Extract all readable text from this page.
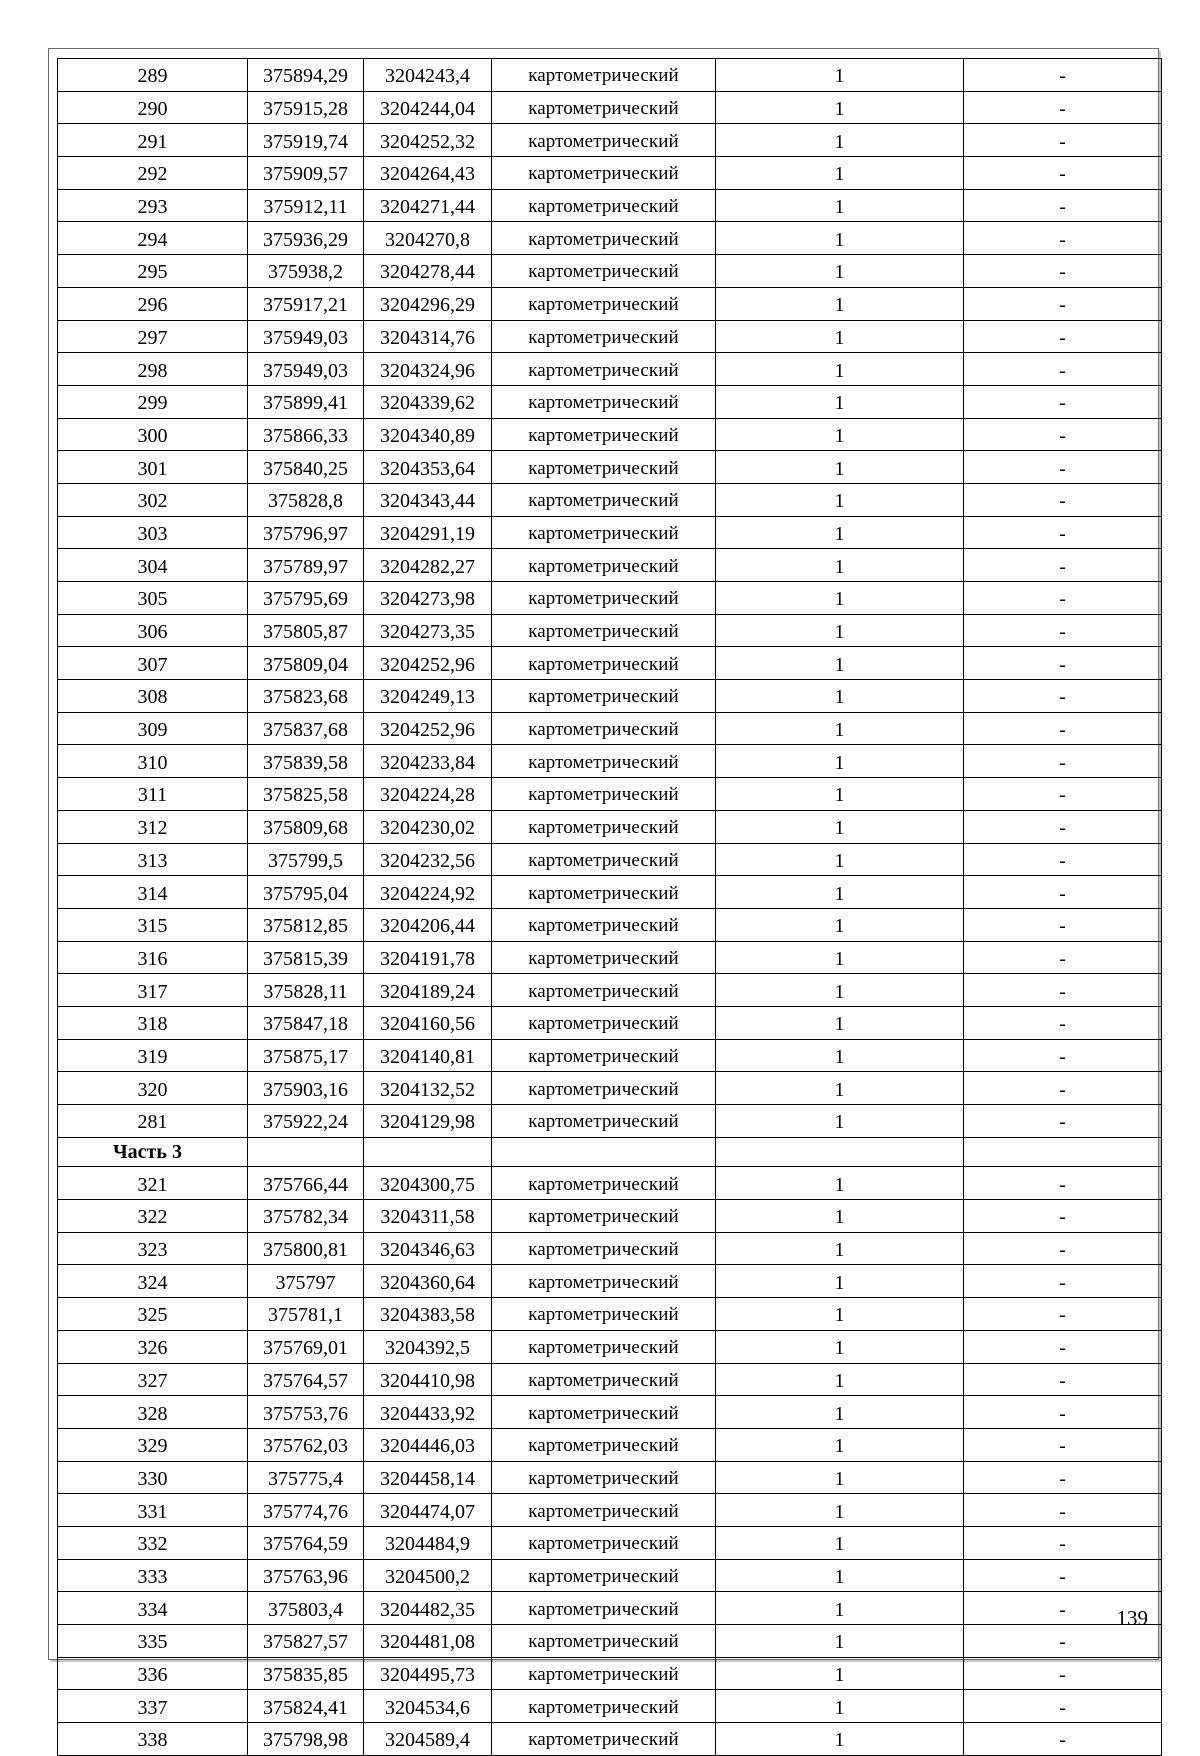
289	375894,29	3204243,4	картометрический	1	-
290	375915,28	3204244,04	картометрический	1	-
291	375919,74	3204252,32	картометрический	1	-
292	375909,57	3204264,43	картометрический	1	-
293	375912,11	3204271,44	картометрический	1	-
294	375936,29	3204270,8	картометрический	1	-
295	375938,2	3204278,44	картометрический	1	-
296	375917,21	3204296,29	картометрический	1	-
297	375949,03	3204314,76	картометрический	1	-
298	375949,03	3204324,96	картометрический	1	-
299	375899,41	3204339,62	картометрический	1	-
300	375866,33	3204340,89	картометрический	1	-
301	375840,25	3204353,64	картометрический	1	-
302	375828,8	3204343,44	картометрический	1	-
303	375796,97	3204291,19	картометрический	1	-
304	375789,97	3204282,27	картометрический	1	-
305	375795,69	3204273,98	картометрический	1	-
306	375805,87	3204273,35	картометрический	1	-
307	375809,04	3204252,96	картометрический	1	-
308	375823,68	3204249,13	картометрический	1	-
309	375837,68	3204252,96	картометрический	1	-
310	375839,58	3204233,84	картометрический	1	-
311	375825,58	3204224,28	картометрический	1	-
312	375809,68	3204230,02	картометрический	1	-
313	375799,5	3204232,56	картометрический	1	-
314	375795,04	3204224,92	картометрический	1	-
315	375812,85	3204206,44	картометрический	1	-
316	375815,39	3204191,78	картометрический	1	-
317	375828,11	3204189,24	картометрический	1	-
318	375847,18	3204160,56	картометрический	1	-
319	375875,17	3204140,81	картометрический	1	-
320	375903,16	3204132,52	картометрический	1	-
281	375922,24	3204129,98	картометрический	1	-
Часть 3					
321	375766,44	3204300,75	картометрический	1	-
322	375782,34	3204311,58	картометрический	1	-
323	375800,81	3204346,63	картометрический	1	-
324	375797	3204360,64	картометрический	1	-
325	375781,1	3204383,58	картометрический	1	-
326	375769,01	3204392,5	картометрический	1	-
327	375764,57	3204410,98	картометрический	1	-
328	375753,76	3204433,92	картометрический	1	-
329	375762,03	3204446,03	картометрический	1	-
330	375775,4	3204458,14	картометрический	1	-
331	375774,76	3204474,07	картометрический	1	-
332	375764,59	3204484,9	картометрический	1	-
333	375763,96	3204500,2	картометрический	1	-
334	375803,4	3204482,35	картометрический	1	-
335	375827,57	3204481,08	картометрический	1	-
336	375835,85	3204495,73	картометрический	1	-
337	375824,41	3204534,6	картометрический	1	-
338	375798,98	3204589,4	картометрический	1	-
139
